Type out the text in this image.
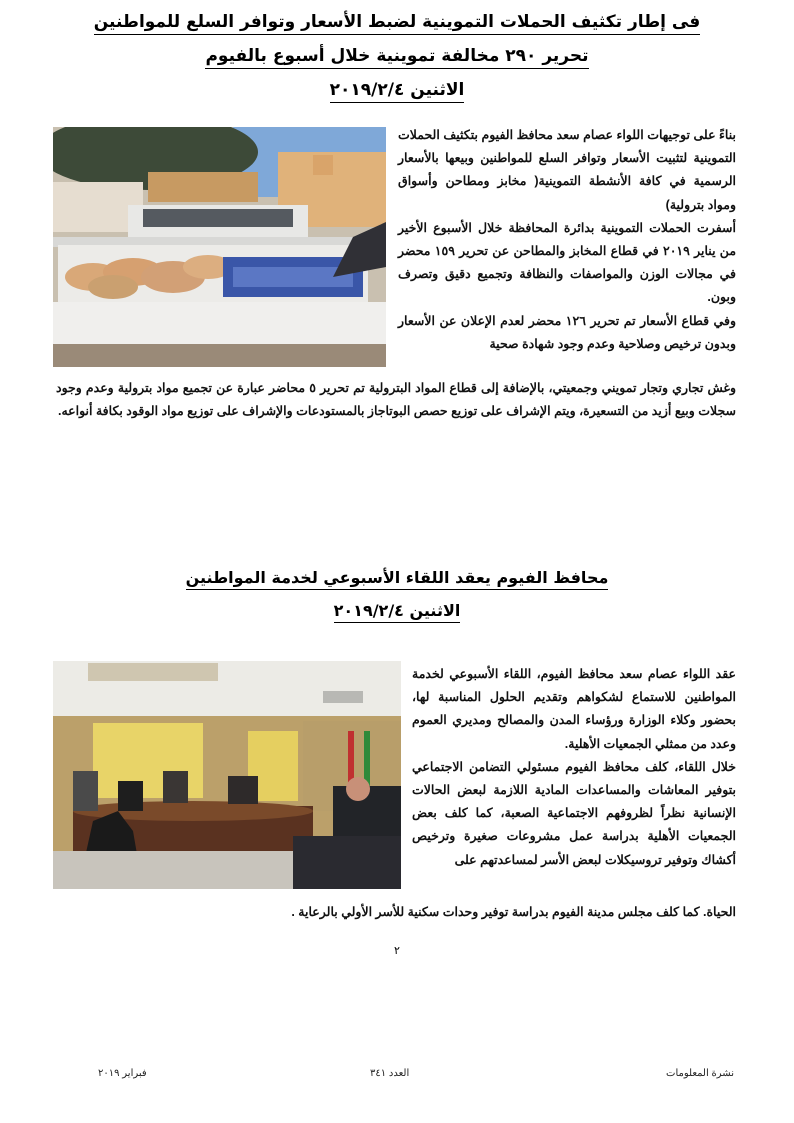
فى إطار تكثيف الحملات التموينية لضبط الأسعار وتوافر السلع للمواطنين
تحرير ٢٩٠ مخالفة تموينية خلال أسبوع بالفيوم
الاثنين ٢٠١٩/٢/٤
بناءً على توجيهات اللواء عصام سعد محافظ الفيوم بتكثيف الحملات التموينية لتثبيت الأسعار وتوافر السلع للمواطنين وبيعها بالأسعار الرسمية في كافة الأنشطة التموينية( مخابز ومطاحن وأسواق ومواد بترولية)
أسفرت الحملات التموينية بدائرة المحافظة خلال الأسبوع الأخير من يناير ٢٠١٩ في قطاع المخابز والمطاحن عن تحرير ١٥٩ محضر في مجالات الوزن والمواصفات والنظافة وتجميع دقيق وتصرف وبون.
وفي قطاع الأسعار تم تحرير ١٢٦ محضر لعدم الإعلان عن الأسعار وبدون ترخيص وصلاحية وعدم وجود شهادة صحية
وغش تجاري وتجار تمويني وجمعيتي، بالإضافة إلى قطاع المواد البترولية تم تحرير ٥ محاضر عبارة عن تجميع مواد بترولية وعدم وجود سجلات وبيع أزيد من التسعيرة، ويتم الإشراف على توزيع حصص البوتاجاز بالمستودعات والإشراف على توزيع مواد الوقود بكافة أنواعه.
محافظ الفيوم يعقد اللقاء الأسبوعي لخدمة المواطنين
الاثنين ٢٠١٩/٢/٤
عقد اللواء عصام سعد محافظ الفيوم، اللقاء الأسبوعي لخدمة المواطنين للاستماع لشكواهم وتقديم الحلول المناسبة لها، بحضور وكلاء الوزارة ورؤساء المدن والمصالح ومديري العموم وعدد من ممثلي الجمعيات الأهلية.
خلال اللقاء، كلف محافظ الفيوم مسئولي التضامن الاجتماعي بتوفير المعاشات والمساعدات المادية اللازمة لبعض الحالات الإنسانية نظراً لظروفهم الاجتماعية الصعبة، كما كلف بعض الجمعيات الأهلية بدراسة عمل مشروعات صغيرة وترخيص أكشاك وتوفير تروسيكلات لبعض الأسر لمساعدتهم على
الحياة. كما كلف مجلس مدينة الفيوم بدراسة توفير وحدات سكنية للأسر الأولي بالرعاية .
٢
نشرة المعلومات
العدد ٣٤١
فبراير ٢٠١٩
